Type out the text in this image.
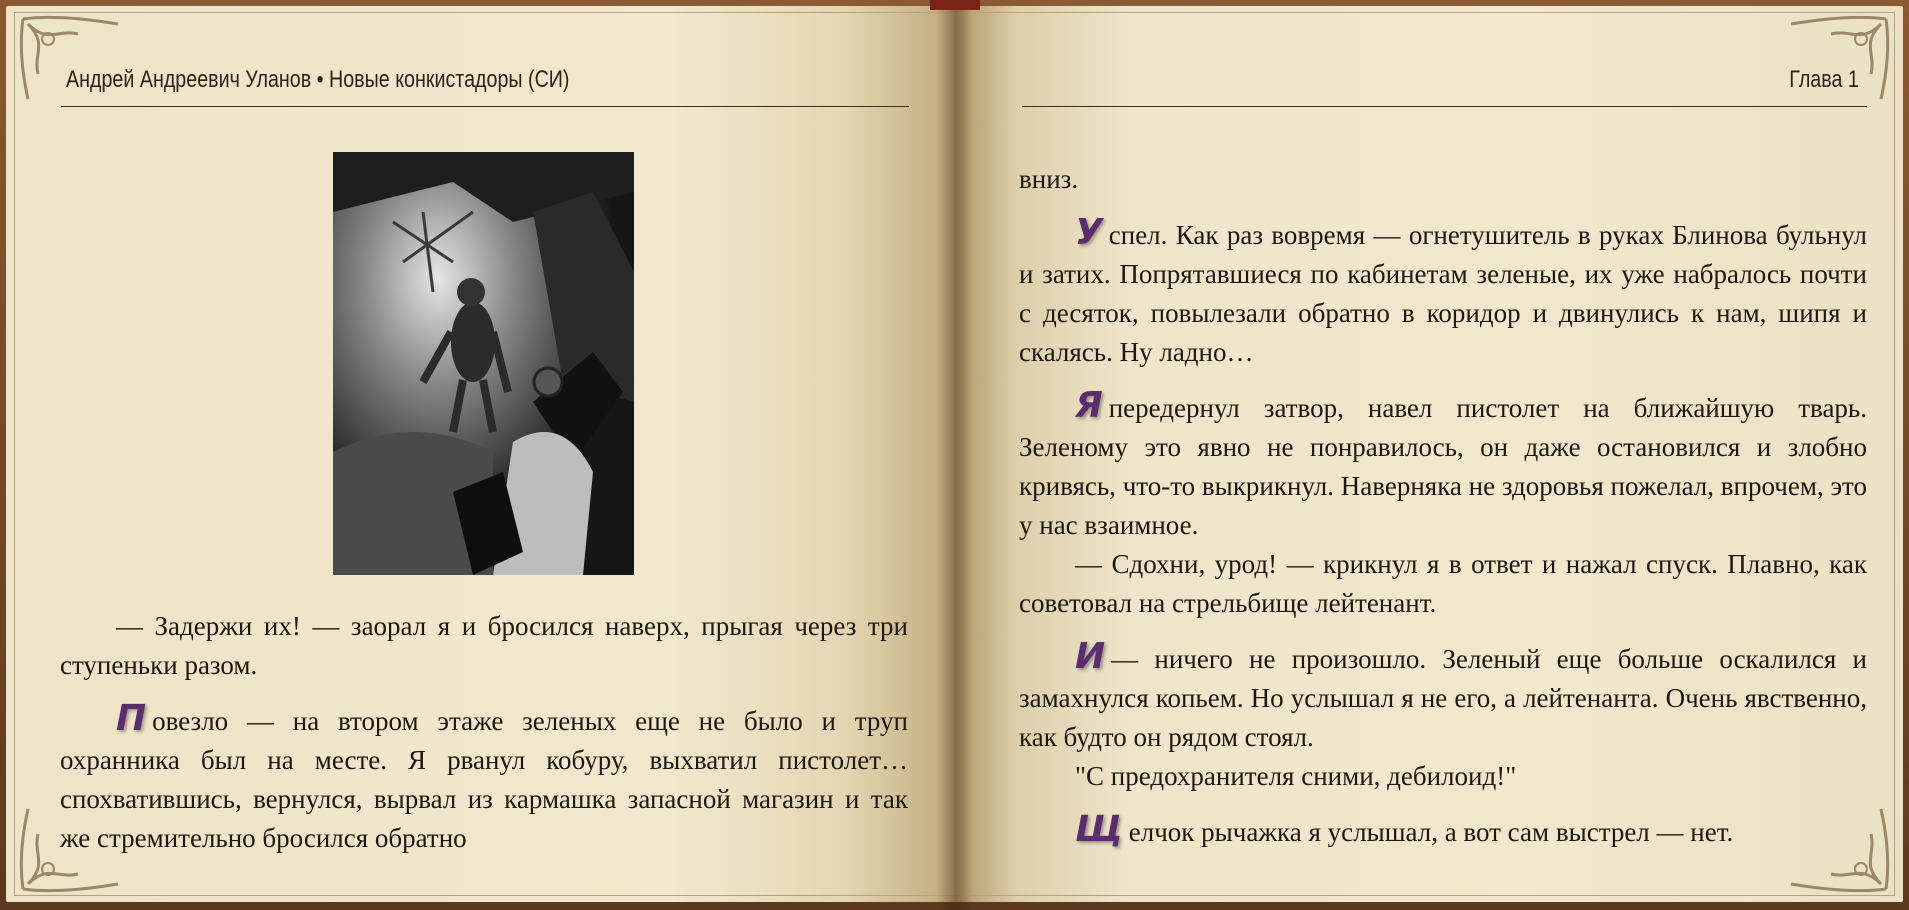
Андрей Андреевич Уланов • Новые конкистадоры (СИ)

— Задержи их! — заорал я и бросился наверх, прыгая через три ступеньки разом.

П овезло — на втором этаже зеленых еще не было и труп охранника был на месте. Я рванул кобуру, выхватил пистолет… спохватившись, вернулся, вырвал из кармашка запасной магазин и так же стремительно бросился обратно

Глава 1

вниз.

У спел. Как раз вовремя — огнетушитель в руках Блинова бульнул и затих. Попрятавшиеся по кабинетам зеленые, их уже набралось почти с десяток, повылезали обратно в коридор и двинулись к нам, шипя и скалясь. Ну ладно…

Я передернул затвор, навел пистолет на ближайшую тварь. Зеленому это явно не понравилось, он даже остановился и злобно кривясь, что-то выкрикнул. Наверняка не здоровья пожелал, впрочем, это у нас взаимное.

— Сдохни, урод! — крикнул я в ответ и нажал спуск. Плавно, как советовал на стрельбище лейтенант.

И — ничего не произошло. Зеленый еще больше оскалился и замахнулся копьем. Но услышал я не его, а лейтенанта. Очень явственно, как будто он рядом стоял.

"С предохранителя сними, дебилоид!"

Щ елчок рычажка я услышал, а вот сам выстрел — нет.
